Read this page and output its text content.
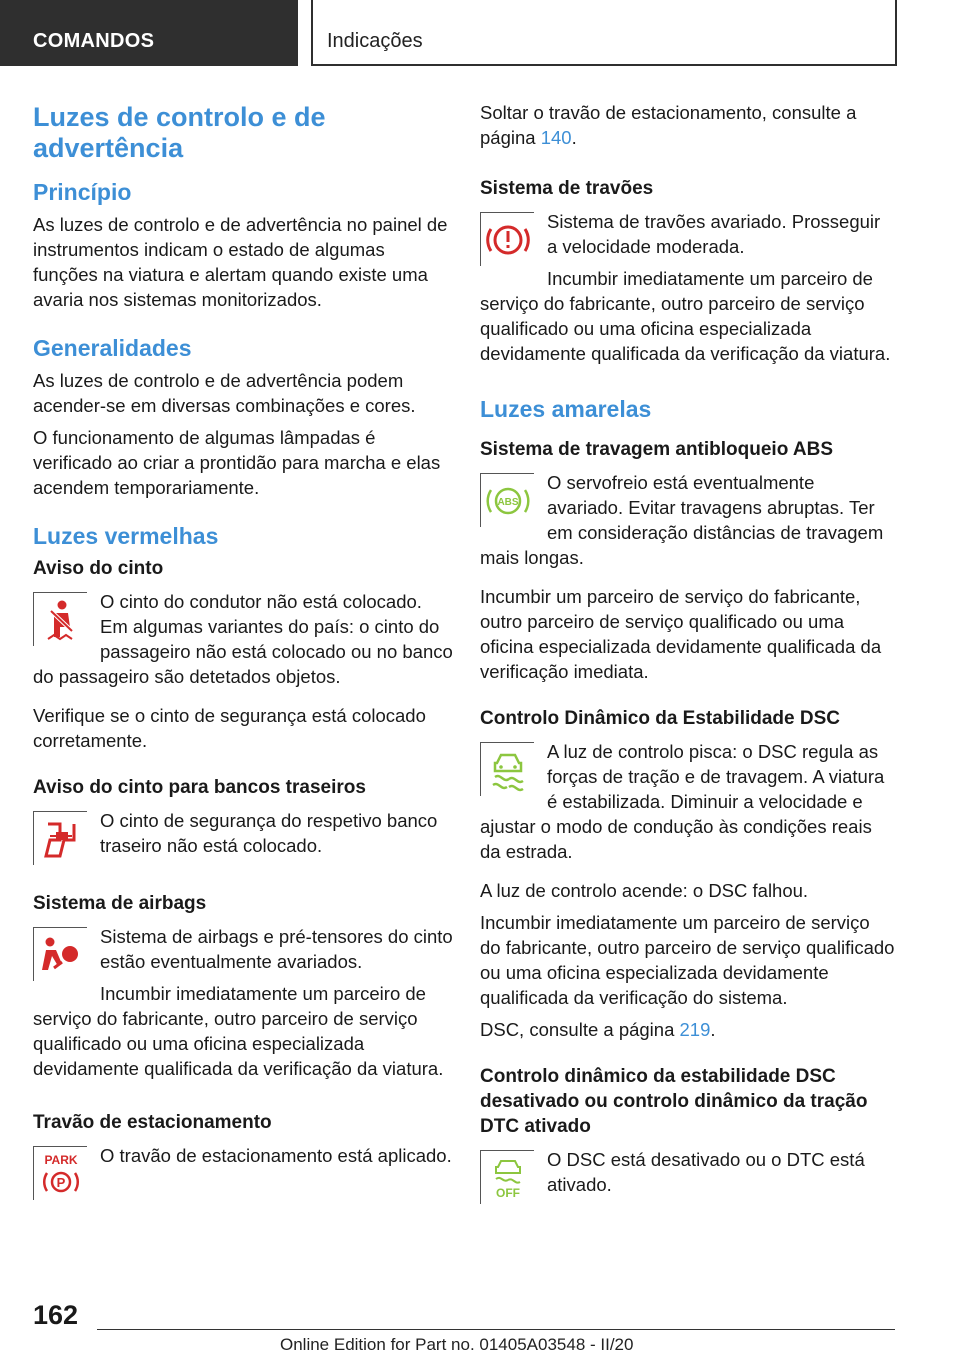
COMANDOS	Indicações
Luzes de controlo e de advertência
Princípio

As luzes de controlo e de advertência no painel de instrumentos indicam o estado de algumas funções na viatura e alertam quando existe uma avaria nos sistemas monitorizados.

Generalidades

As luzes de controlo e de advertência podem acender-se em diversas combinações e cores.

O funcionamento de algumas lâmpadas é verificado ao criar a prontidão para marcha e elas acendem temporariamente.

Luzes vermelhas
Aviso do cinto

O cinto do condutor não está colocado. Em algumas variantes do país: o cinto do passageiro não está colocado ou no banco do passageiro são detetados objetos.

Verifique se o cinto de segurança está colocado corretamente.

Aviso do cinto para bancos traseiros

O cinto de segurança do respetivo banco traseiro não está colocado.

Sistema de airbags

Sistema de airbags e pré-tensores do cinto estão eventualmente avariados.

Incumbir imediatamente um parceiro de serviço do fabricante, outro parceiro de serviço qualificado ou uma oficina especializada devidamente qualificada da verificação da viatura.

Travão de estacionamento
PARK
P

O travão de estacionamento está aplicado.

Soltar o travão de estacionamento, consulte a página 140.

Sistema de travões

Sistema de travões avariado. Prosseguir a velocidade moderada.

Incumbir imediatamente um parceiro de serviço do fabricante, outro parceiro de serviço qualificado ou uma oficina especializada devidamente qualificada da verificação da viatura.

Luzes amarelas
Sistema de travagem antibloqueio ABS
ABS

O servofreio está eventualmente avariado. Evitar travagens abruptas. Ter em consideração distâncias de travagem mais longas.

Incumbir um parceiro de serviço do fabricante, outro parceiro de serviço qualificado ou uma oficina especializada devidamente qualificada da verificação imediata.

Controlo Dinâmico da Estabilidade DSC

A luz de controlo pisca: o DSC regula as forças de tração e de travagem. A viatura é estabilizada. Diminuir a velocidade e ajustar o modo de condução às condições reais da estrada.

A luz de controlo acende: o DSC falhou.

Incumbir imediatamente um parceiro de serviço do fabricante, outro parceiro de serviço qualificado ou uma oficina especializada devidamente qualificada da verificação do sistema.

DSC, consulte a página 219.

Controlo dinâmico da estabilidade DSC desativado ou controlo dinâmico da tração DTC ativado
OFF

O DSC está desativado ou o DTC está ativado.

162
Online Edition for Part no. 01405A03548 - II/20
